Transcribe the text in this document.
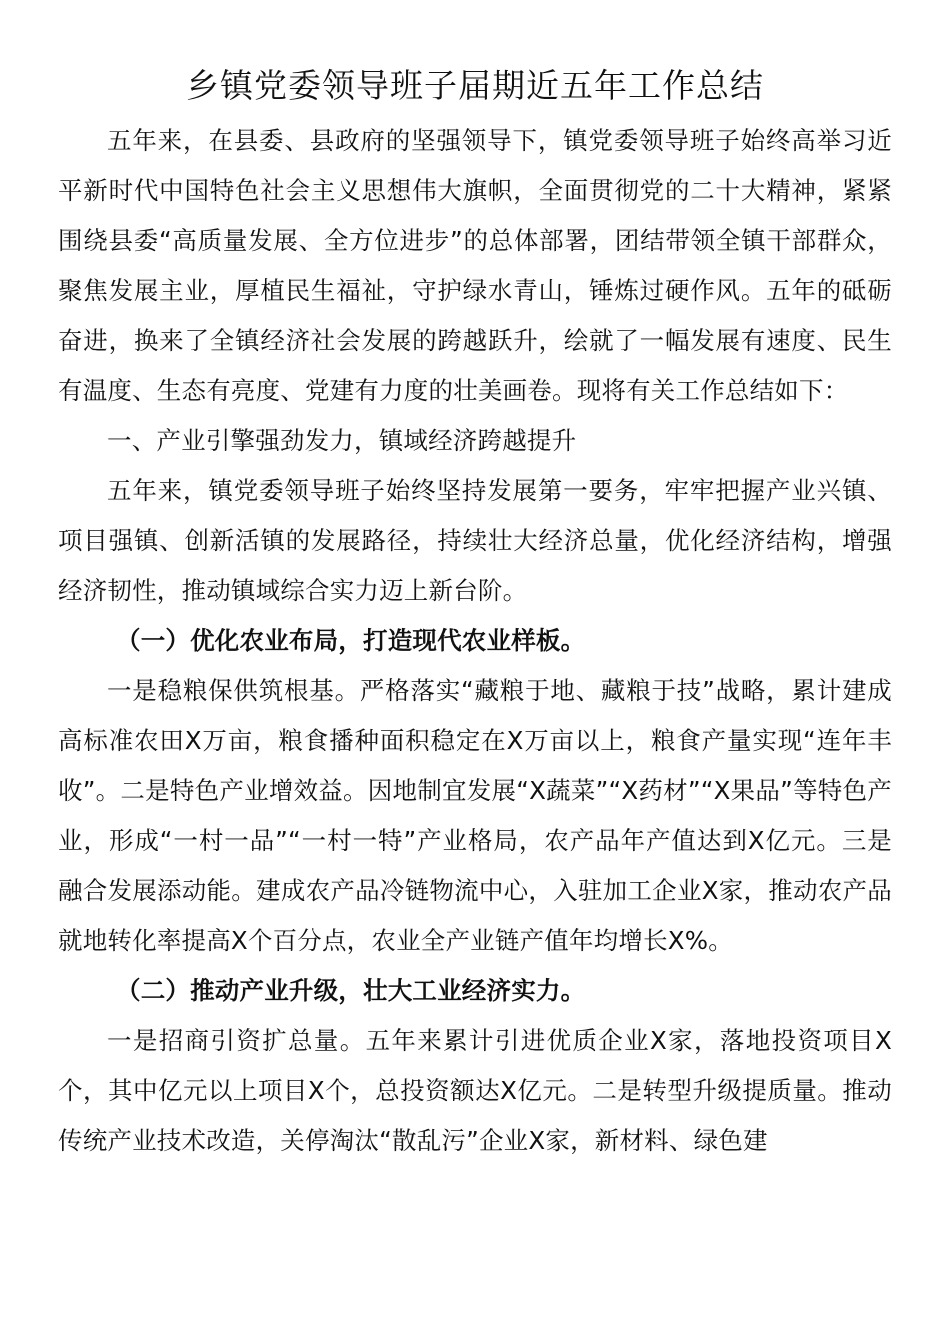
乡镇党委领导班子届期近五年工作总结

五年来，在县委、县政府的坚强领导下，镇党委领导班子始终高举习近平新时代中国特色社会主义思想伟大旗帜，全面贯彻党的二十大精神，紧紧围绕县委“高质量发展、全方位进步”的总体部署，团结带领全镇干部群众，聚焦发展主业，厚植民生福祉，守护绿水青山，锤炼过硬作风。五年的砥砺奋进，换来了全镇经济社会发展的跨越跃升，绘就了一幅发展有速度、民生有温度、生态有亮度、党建有力度的壮美画卷。现将有关工作总结如下：

一、产业引擎强劲发力，镇域经济跨越提升

五年来，镇党委领导班子始终坚持发展第一要务，牢牢把握产业兴镇、项目强镇、创新活镇的发展路径，持续壮大经济总量，优化经济结构，增强经济韧性，推动镇域综合实力迈上新台阶。

（一）优化农业布局，打造现代农业样板。

一是稳粮保供筑根基。严格落实“藏粮于地、藏粮于技”战略，累计建成高标准农田X万亩，粮食播种面积稳定在X万亩以上，粮食产量实现“连年丰收”。二是特色产业增效益。因地制宜发展“X蔬菜”“X药材”“X果品”等特色产业，形成“一村一品”“一村一特”产业格局，农产品年产值达到X亿元。三是融合发展添动能。建成农产品冷链物流中心，入驻加工企业X家，推动农产品就地转化率提高X个百分点，农业全产业链产值年均增长X%。

（二）推动产业升级，壮大工业经济实力。

一是招商引资扩总量。五年来累计引进优质企业X家，落地投资项目X个，其中亿元以上项目X个，总投资额达X亿元。二是转型升级提质量。推动传统产业技术改造，关停淘汰“散乱污”企业X家，新材料、绿色建
